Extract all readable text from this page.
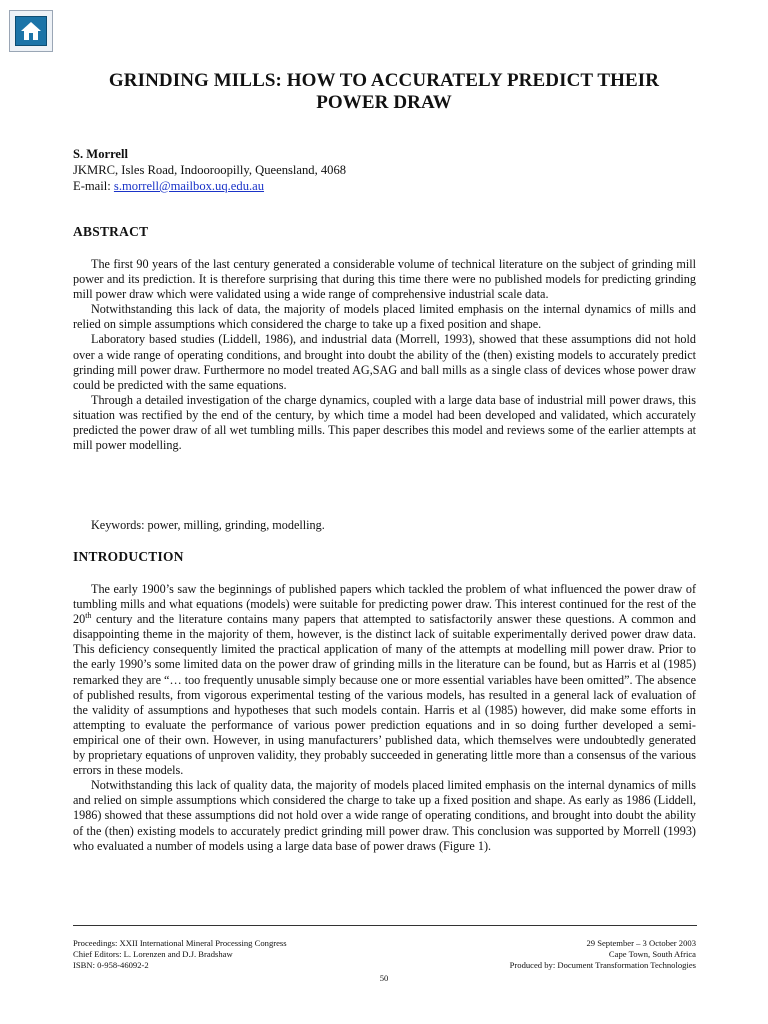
GRINDING MILLS: HOW TO ACCURATELY PREDICT THEIR POWER DRAW
S. Morrell
JKMRC, Isles Road, Indooroopilly, Queensland, 4068
E-mail: s.morrell@mailbox.uq.edu.au
ABSTRACT

The first 90 years of the last century generated a considerable volume of technical literature on the subject of grinding mill power and its prediction. It is therefore surprising that during this time there were no published models for predicting grinding mill power draw which were validated using a wide range of comprehensive industrial scale data.

Notwithstanding this lack of data, the majority of models placed limited emphasis on the internal dynamics of mills and relied on simple assumptions which considered the charge to take up a fixed position and shape.

Laboratory based studies (Liddell, 1986), and industrial data (Morrell, 1993), showed that these assumptions did not hold over a wide range of operating conditions, and brought into doubt the ability of the (then) existing models to accurately predict grinding mill power draw. Furthermore no model treated AG,SAG and ball mills as a single class of devices whose power draw could be predicted with the same equations.

Through a detailed investigation of the charge dynamics, coupled with a large data base of industrial mill power draws, this situation was rectified by the end of the century, by which time a model had been developed and validated, which accurately predicted the power draw of all wet tumbling mills. This paper describes this model and reviews some of the earlier attempts at mill power modelling.

Keywords: power, milling, grinding, modelling.
INTRODUCTION

The early 1900’s saw the beginnings of published papers which tackled the problem of what influenced the power draw of tumbling mills and what equations (models) were suitable for predicting power draw. This interest continued for the rest of the 20th century and the literature contains many papers that attempted to satisfactorily answer these questions. A common and disappointing theme in the majority of them, however, is the distinct lack of suitable experimentally derived power draw data. This deficiency consequently limited the practical application of many of the attempts at modelling mill power draw. Prior to the early 1990’s some limited data on the power draw of grinding mills in the literature can be found, but as Harris et al (1985) remarked they are “… too frequently unusable simply because one or more essential variables have been omitted”. The absence of published results, from vigorous experimental testing of the various models, has resulted in a general lack of evaluation of the validity of assumptions and hypotheses that such models contain. Harris et al (1985) however, did make some efforts in attempting to evaluate the performance of various power prediction equations and in so doing further developed a semi-empirical one of their own. However, in using manufacturers’ published data, which themselves were undoubtedly generated by proprietary equations of unproven validity, they probably succeeded in generating little more than a consensus of the various errors in these models.

Notwithstanding this lack of quality data, the majority of models placed limited emphasis on the internal dynamics of mills and relied on simple assumptions which considered the charge to take up a fixed position and shape. As early as 1986 (Liddell, 1986) showed that these assumptions did not hold over a wide range of operating conditions, and brought into doubt the ability of the (then) existing models to accurately predict grinding mill power draw. This conclusion was supported by Morrell (1993) who evaluated a number of models using a large data base of power draws (Figure 1).

Proceedings: XXII International Mineral Processing Congress
Chief Editors: L. Lorenzen and D.J. Bradshaw
ISBN: 0-958-46092-2
29 September – 3 October 2003
Cape Town, South Africa
Produced by: Document Transformation Technologies
50
